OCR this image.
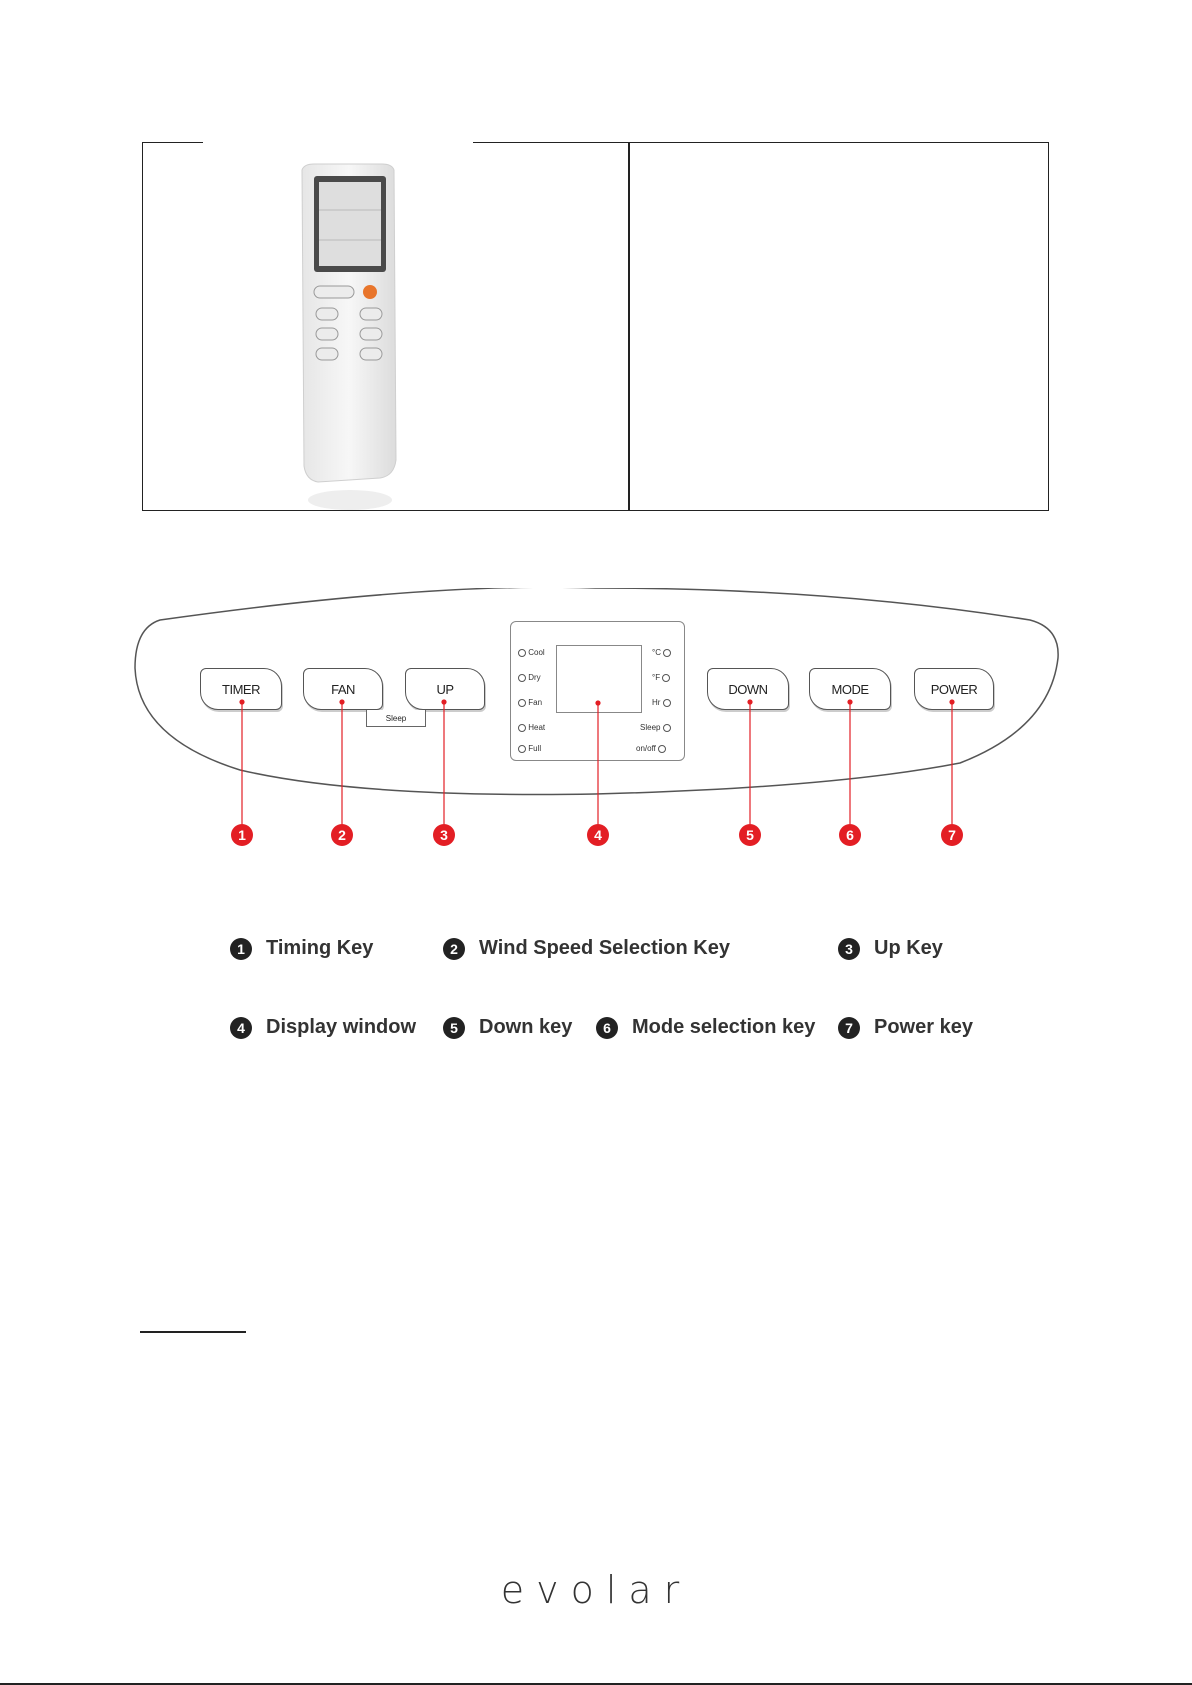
TIMER	FAN	UP
Sleep
DOWN	MODE	POWER
Cool
Dry
Fan
Heat
Full
°C
°F
Hr
Sleep
on/off
1	2	3	4	5	6	7
1	Timing Key	2	Wind Speed Selection Key	3	Up Key
4	Display window	5	Down key	6	Mode selection key	7	Power key
evolar
